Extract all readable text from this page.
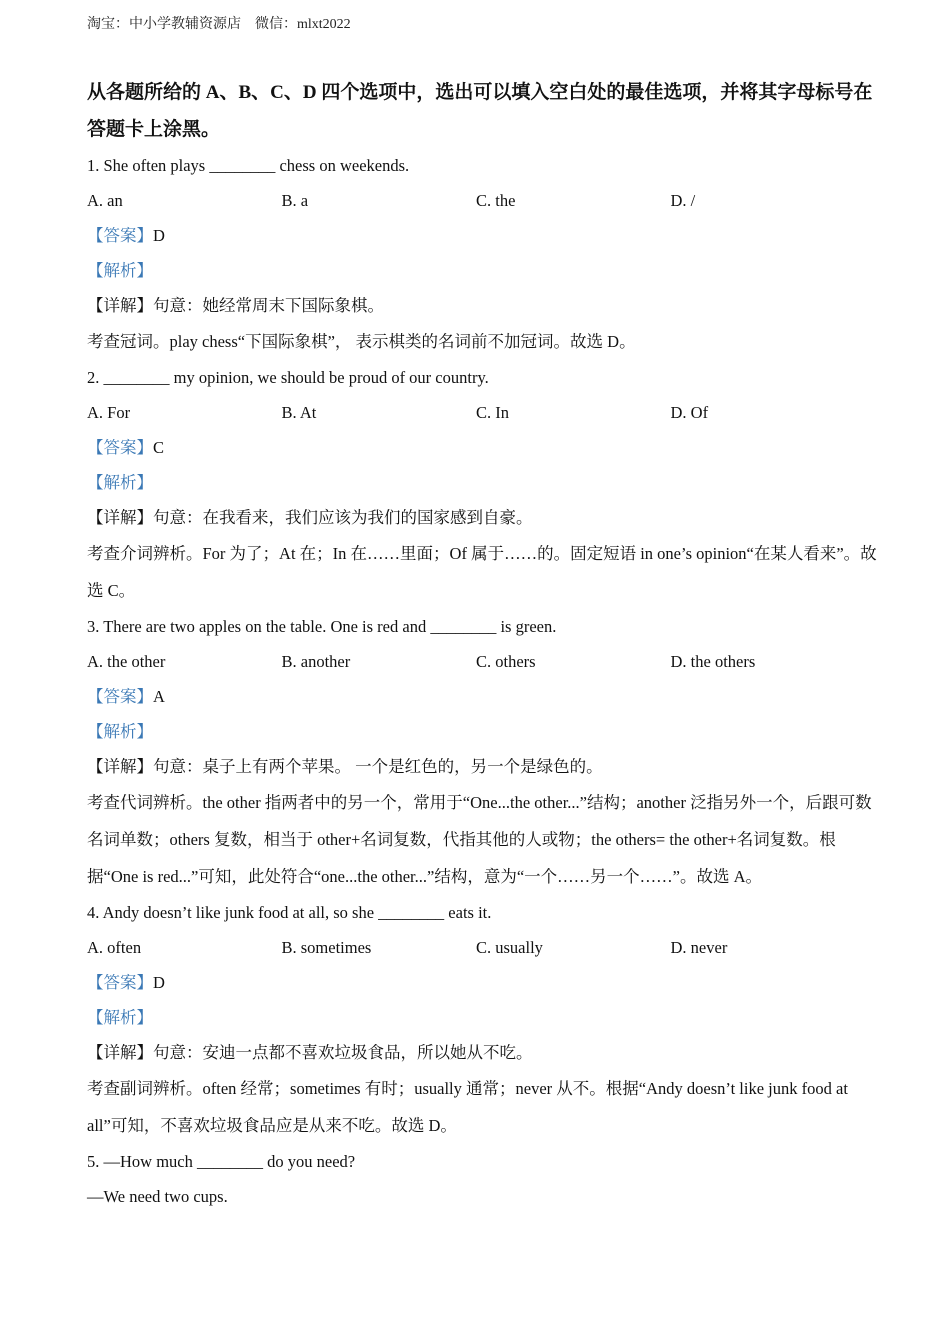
淘宝：中小学教辅资源店    微信：mlxt2022
从各题所给的 A、B、C、D 四个选项中，选出可以填入空白处的最佳选项，并将其字母标号在答题卡上涂黑。
1. She often plays ________ chess on weekends.
A. an	B. a	C. the	D. /
【答案】D
【解析】
【详解】句意：她经常周末下国际象棋。
考查冠词。play chess“下国际象棋”， 表示棋类的名词前不加冠词。故选 D。
2. ________ my opinion, we should be proud of our country.
A. For	B. At	C. In	D. Of
【答案】C
【解析】
【详解】句意：在我看来，我们应该为我们的国家感到自豪。
考查介词辨析。For 为了；At 在；In 在……里面；Of 属于……的。固定短语 in one’s opinion“在某人看来”。故选 C。
3. There are two apples on the table. One is red and ________ is green.
A. the other	B. another	C. others	D. the others
【答案】A
【解析】
【详解】句意：桌子上有两个苹果。 一个是红色的，另一个是绿色的。
考查代词辨析。the other 指两者中的另一个，常用于“One...the other...”结构；another 泛指另外一个，后跟可数名词单数；others 复数，相当于 other+名词复数，代指其他的人或物；the others= the other+名词复数。根据“One is red...”可知，此处符合“one...the other...”结构，意为“一个……另一个……”。故选 A。
4. Andy doesn’t like junk food at all, so she ________ eats it.
A. often	B. sometimes	C. usually	D. never
【答案】D
【解析】
【详解】句意：安迪一点都不喜欢垃圾食品，所以她从不吃。
考查副词辨析。often 经常；sometimes 有时；usually 通常；never 从不。根据“Andy doesn’t like junk food at all”可知，不喜欢垃圾食品应是从来不吃。故选 D。
5. —How much ________ do you need?
—We need two cups.
